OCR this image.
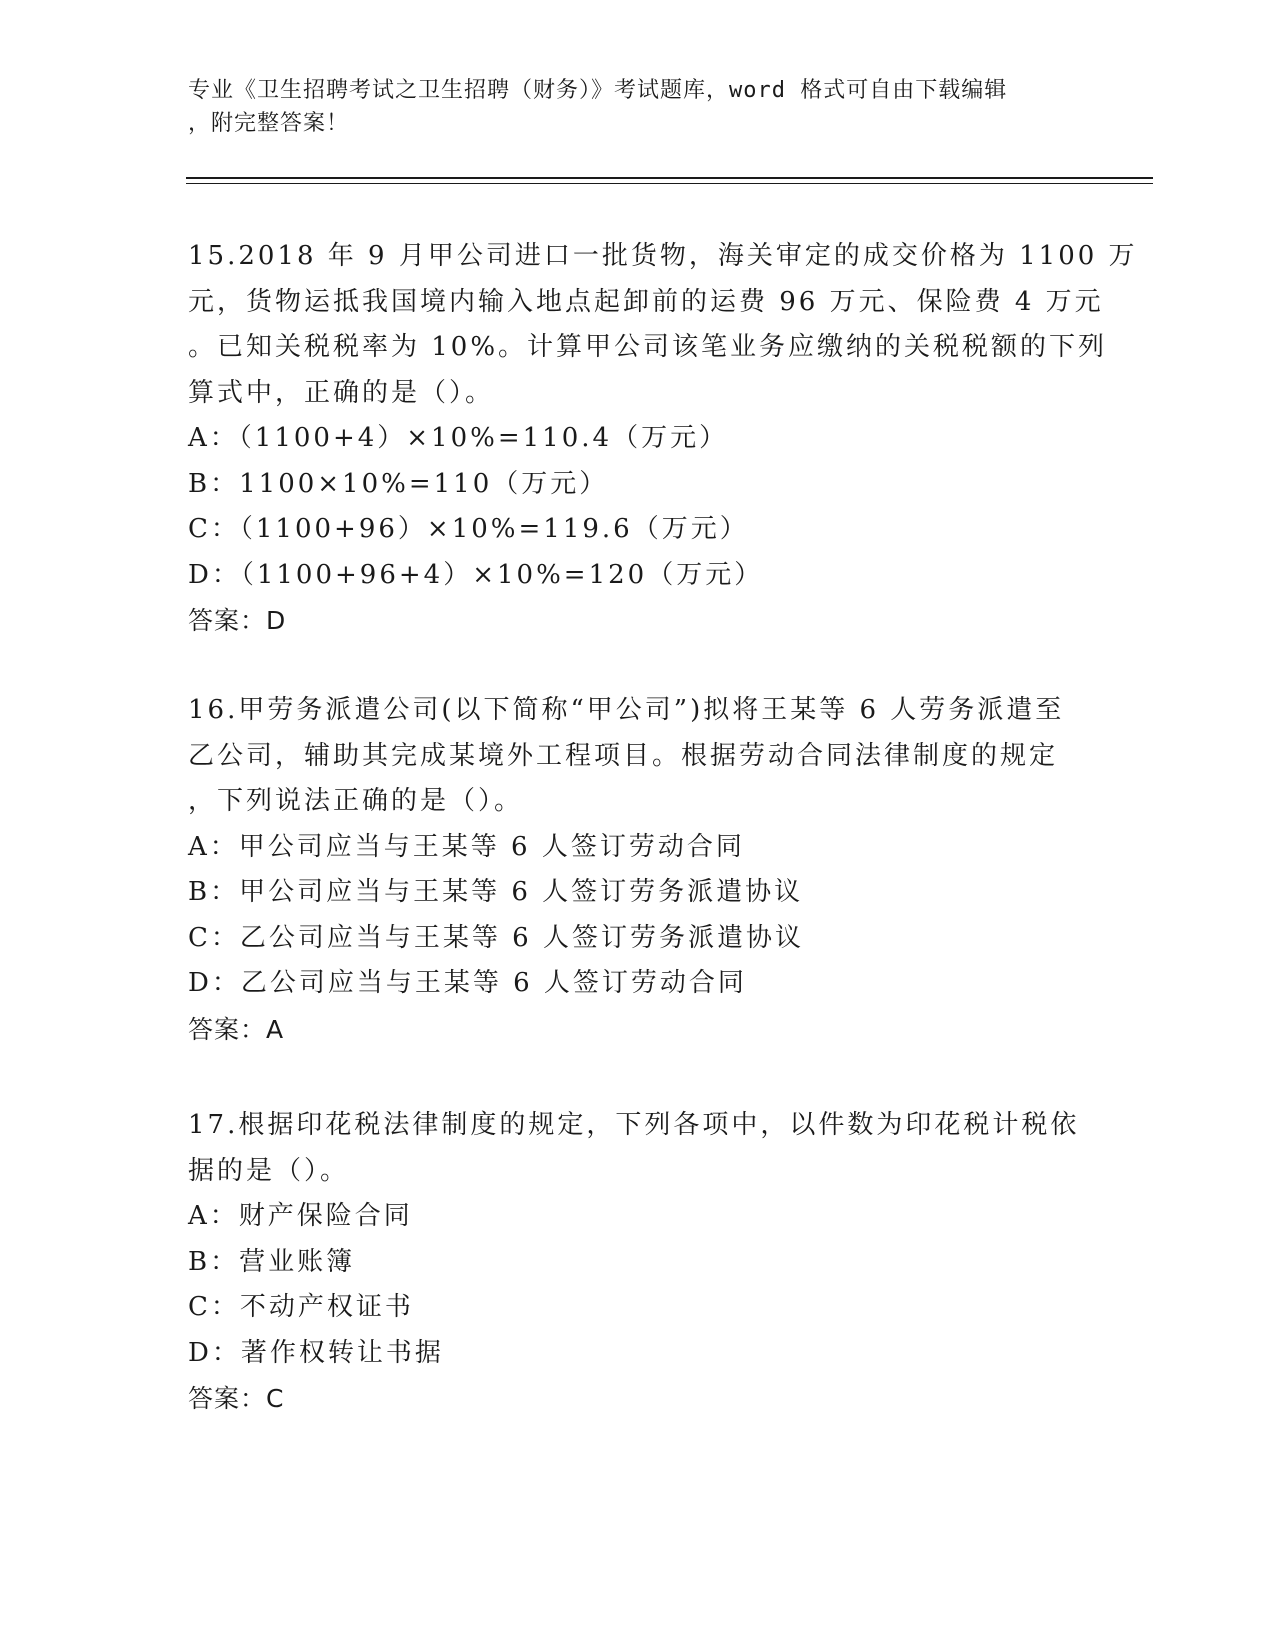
专业《卫生招聘考试之卫生招聘（财务）》考试题库，word 格式可自由下载编辑
，附完整答案！
15.2018 年 9 月甲公司进口一批货物，海关审定的成交价格为 1100 万
元，货物运抵我国境内输入地点起卸前的运费 96 万元、保险费 4 万元
。已知关税税率为 10%。计算甲公司该笔业务应缴纳的关税税额的下列
算式中，正确的是（）。
A：（1100+4）×10%=110.4（万元）
B：1100×10%=110（万元）
C：（1100+96）×10%=119.6（万元）
D：（1100+96+4）×10%=120（万元）
答案：D
16.甲劳务派遣公司(以下简称“甲公司”)拟将王某等 6 人劳务派遣至
乙公司，辅助其完成某境外工程项目。根据劳动合同法律制度的规定
，下列说法正确的是（）。
A：甲公司应当与王某等 6 人签订劳动合同
B：甲公司应当与王某等 6 人签订劳务派遣协议
C：乙公司应当与王某等 6 人签订劳务派遣协议
D：乙公司应当与王某等 6 人签订劳动合同
答案：A
17.根据印花税法律制度的规定，下列各项中，以件数为印花税计税依
据的是（）。
A：财产保险合同
B：营业账簿
C：不动产权证书
D：著作权转让书据
答案：C
